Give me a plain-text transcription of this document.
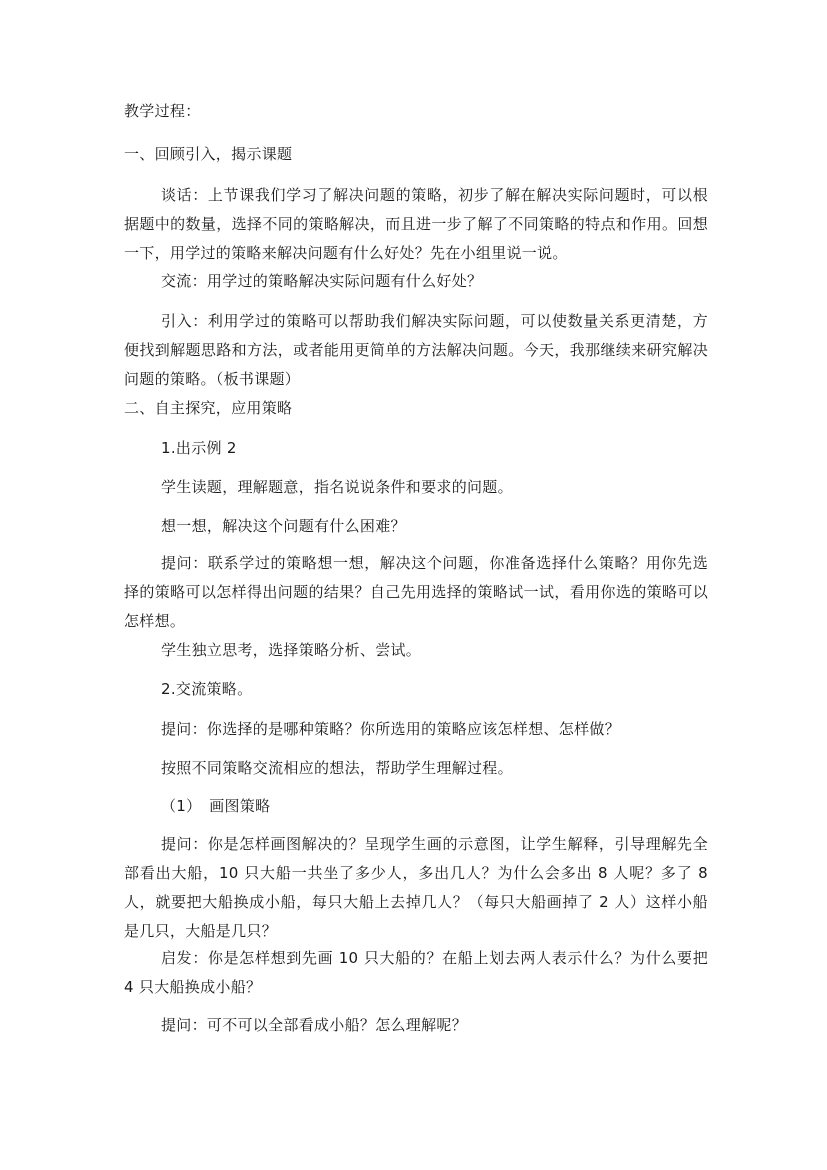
教学过程：

一、回顾引入，揭示课题

谈话：上节课我们学习了解决问题的策略，初步了解在解决实际问题时，可以根据题中的数量，选择不同的策略解决，而且进一步了解了不同策略的特点和作用。回想一下，用学过的策略来解决问题有什么好处？先在小组里说一说。

交流：用学过的策略解决实际问题有什么好处？

引入：利用学过的策略可以帮助我们解决实际问题，可以使数量关系更清楚，方便找到解题思路和方法，或者能用更简单的方法解决问题。今天，我那继续来研究解决问题的策略。（板书课题）

二、自主探究，应用策略

1.出示例 2

学生读题，理解题意，指名说说条件和要求的问题。

想一想，解决这个问题有什么困难？

提问：联系学过的策略想一想，解决这个问题，你准备选择什么策略？用你先选择的策略可以怎样得出问题的结果？自己先用选择的策略试一试，看用你选的策略可以怎样想。

学生独立思考，选择策略分析、尝试。

2.交流策略。

提问：你选择的是哪种策略？你所选用的策略应该怎样想、怎样做？

按照不同策略交流相应的想法，帮助学生理解过程。

（1）　画图策略

提问：你是怎样画图解决的？呈现学生画的示意图，让学生解释，引导理解先全部看出大船，10 只大船一共坐了多少人，多出几人？为什么会多出 8 人呢？多了 8 人，就要把大船换成小船，每只大船上去掉几人？（每只大船画掉了 2 人）这样小船是几只，大船是几只？

启发：你是怎样想到先画 10 只大船的？在船上划去两人表示什么？为什么要把 4 只大船换成小船？

提问：可不可以全部看成小船？怎么理解呢？
